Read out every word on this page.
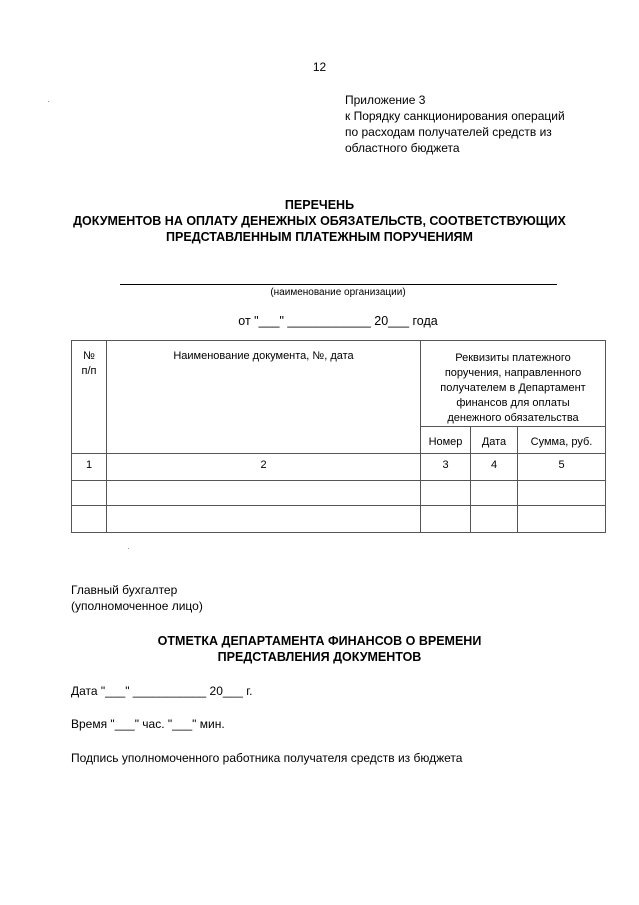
12
Приложение 3
к Порядку санкционирования операций
по расходам получателей средств из
областного бюджета
ПЕРЕЧЕНЬ
ДОКУМЕНТОВ НА ОПЛАТУ ДЕНЕЖНЫХ ОБЯЗАТЕЛЬСТВ, СООТВЕТСТВУЮЩИХ
ПРЕДСТАВЛЕННЫМ ПЛАТЕЖНЫМ ПОРУЧЕНИЯМ
(наименование организации)
от "___" ____________ 20___ года
№ п/п	Наименование документа, №, дата	Реквизиты платежного поручения, направленного получателем в Департамент финансов для оплаты денежного обязательства		
		Номер	Дата	Сумма, руб.
1	2	3	4	5

Главный бухгалтер
(уполномоченное лицо)
ОТМЕТКА ДЕПАРТАМЕНТА ФИНАНСОВ О ВРЕМЕНИ
ПРЕДСТАВЛЕНИЯ ДОКУМЕНТОВ
Дата "___" ___________ 20___ г.
Время "___" час. "___" мин.
Подпись уполномоченного работника получателя средств из бюджета
